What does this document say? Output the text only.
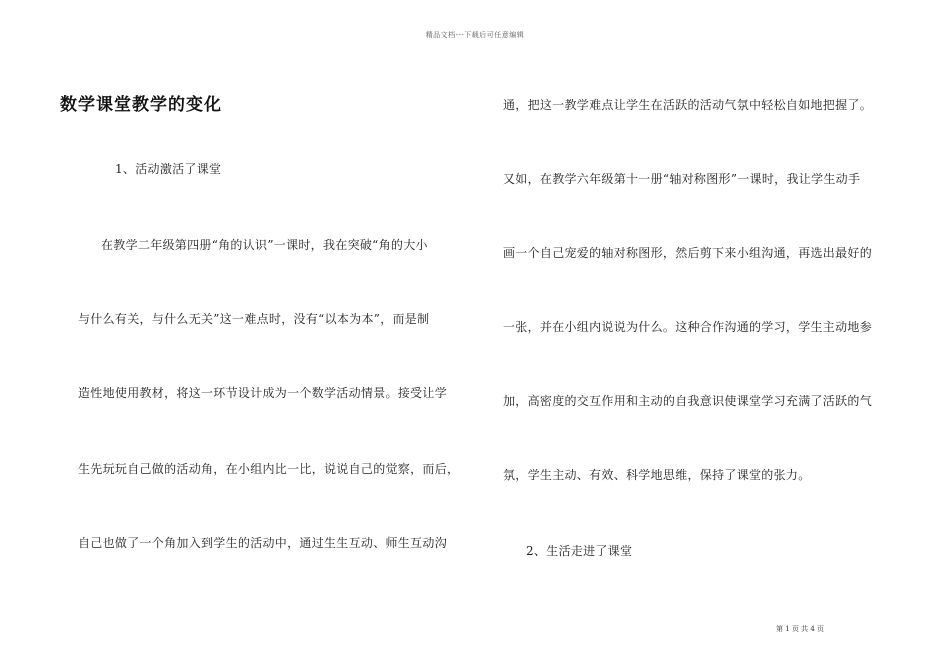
精品文档---下载后可任意编辑
数学课堂教学的变化
1、活动激活了课堂
在教学二年级第四册“角的认识”一课时，我在突破“角的大小
与什么有关，与什么无关”这一难点时，没有“以本为本”，而是制
造性地使用教材，将这一环节设计成为一个数学活动情景。接受让学
生先玩玩自己做的活动角，在小组内比一比，说说自己的觉察，而后，
自己也做了一个角加入到学生的活动中，通过生生互动、师生互动沟
通，把这一教学难点让学生在活跃的活动气氛中轻松自如地把握了。
又如，在教学六年级第十一册“轴对称图形”一课时，我让学生动手
画一个自己宠爱的轴对称图形，然后剪下来小组沟通，再选出最好的
一张，并在小组内说说为什么。这种合作沟通的学习，学生主动地参
加，高密度的交互作用和主动的自我意识使课堂学习充满了活跃的气
氛，学生主动、有效、科学地思维，保持了课堂的张力。
2、生活走进了课堂
第 1 页 共 4 页
